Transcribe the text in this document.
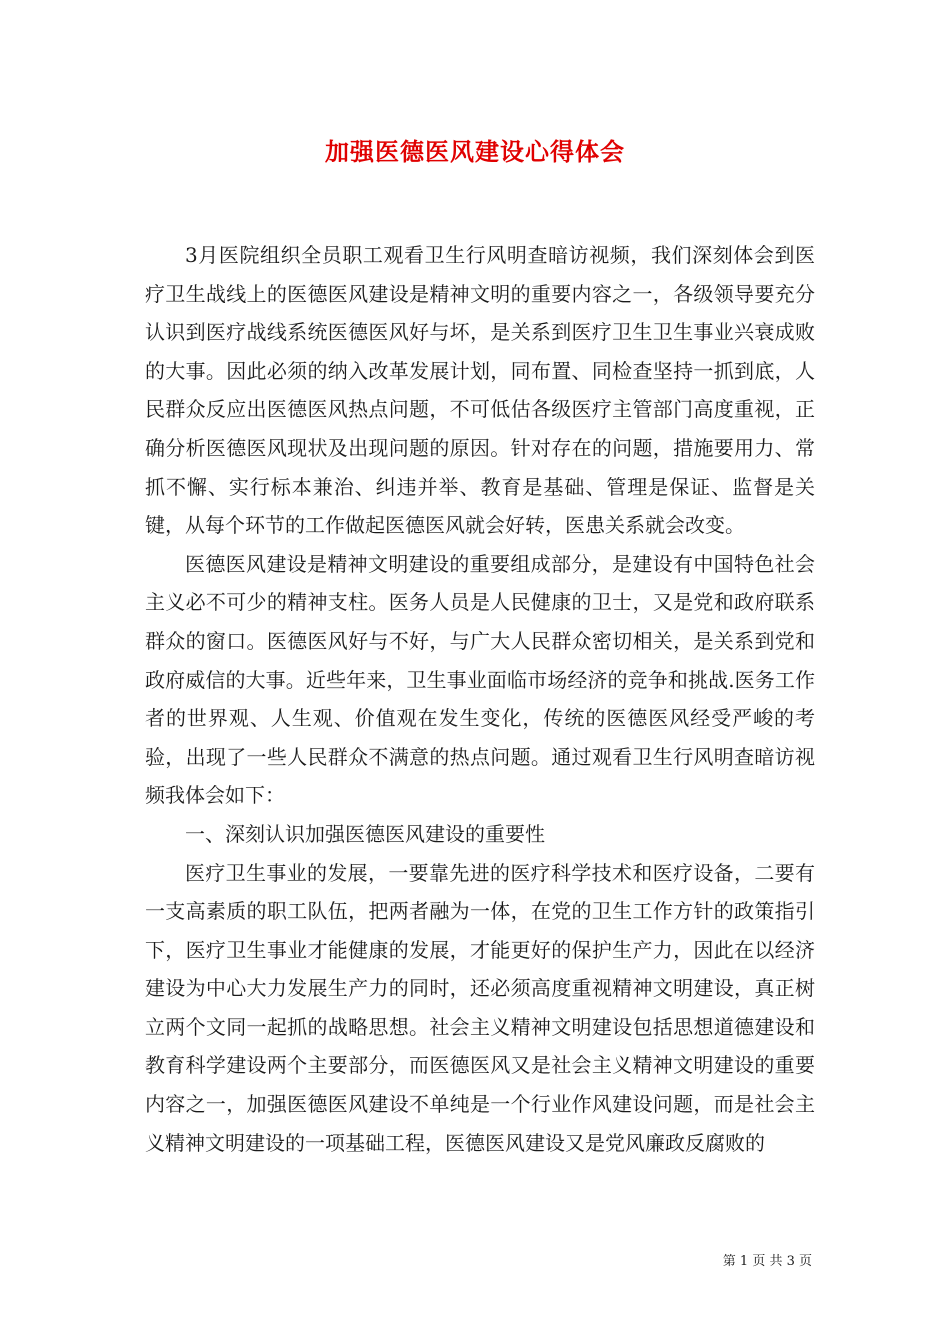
加强医德医风建设心得体会

3月医院组织全员职工观看卫生行风明查暗访视频，我们深刻体会到医疗卫生战线上的医德医风建设是精神文明的重要内容之一，各级领导要充分认识到医疗战线系统医德医风好与坏，是关系到医疗卫生卫生事业兴衰成败的大事。因此必须的纳入改革发展计划，同布置、同检查坚持一抓到底，人民群众反应出医德医风热点问题，不可低估各级医疗主管部门高度重视，正确分析医德医风现状及出现问题的原因。针对存在的问题，措施要用力、常抓不懈、实行标本兼治、纠违并举、教育是基础、管理是保证、监督是关键，从每个环节的工作做起医德医风就会好转，医患关系就会改变。

医德医风建设是精神文明建设的重要组成部分，是建设有中国特色社会主义必不可少的精神支柱。医务人员是人民健康的卫士，又是党和政府联系群众的窗口。医德医风好与不好，与广大人民群众密切相关，是关系到党和政府威信的大事。近些年来，卫生事业面临市场经济的竞争和挑战.医务工作者的世界观、人生观、价值观在发生变化，传统的医德医风经受严峻的考验，出现了一些人民群众不满意的热点问题。通过观看卫生行风明查暗访视频我体会如下：

一、深刻认识加强医德医风建设的重要性

医疗卫生事业的发展，一要靠先进的医疗科学技术和医疗设备，二要有一支高素质的职工队伍，把两者融为一体，在党的卫生工作方针的政策指引下，医疗卫生事业才能健康的发展，才能更好的保护生产力，因此在以经济建设为中心大力发展生产力的同时，还必须高度重视精神文明建设，真正树立两个文同一起抓的战略思想。社会主义精神文明建设包括思想道德建设和教育科学建设两个主要部分，而医德医风又是社会主义精神文明建设的重要内容之一，加强医德医风建设不单纯是一个行业作风建设问题，而是社会主义精神文明建设的一项基础工程，医德医风建设又是党风廉政反腐败的

第 1 页 共 3 页
